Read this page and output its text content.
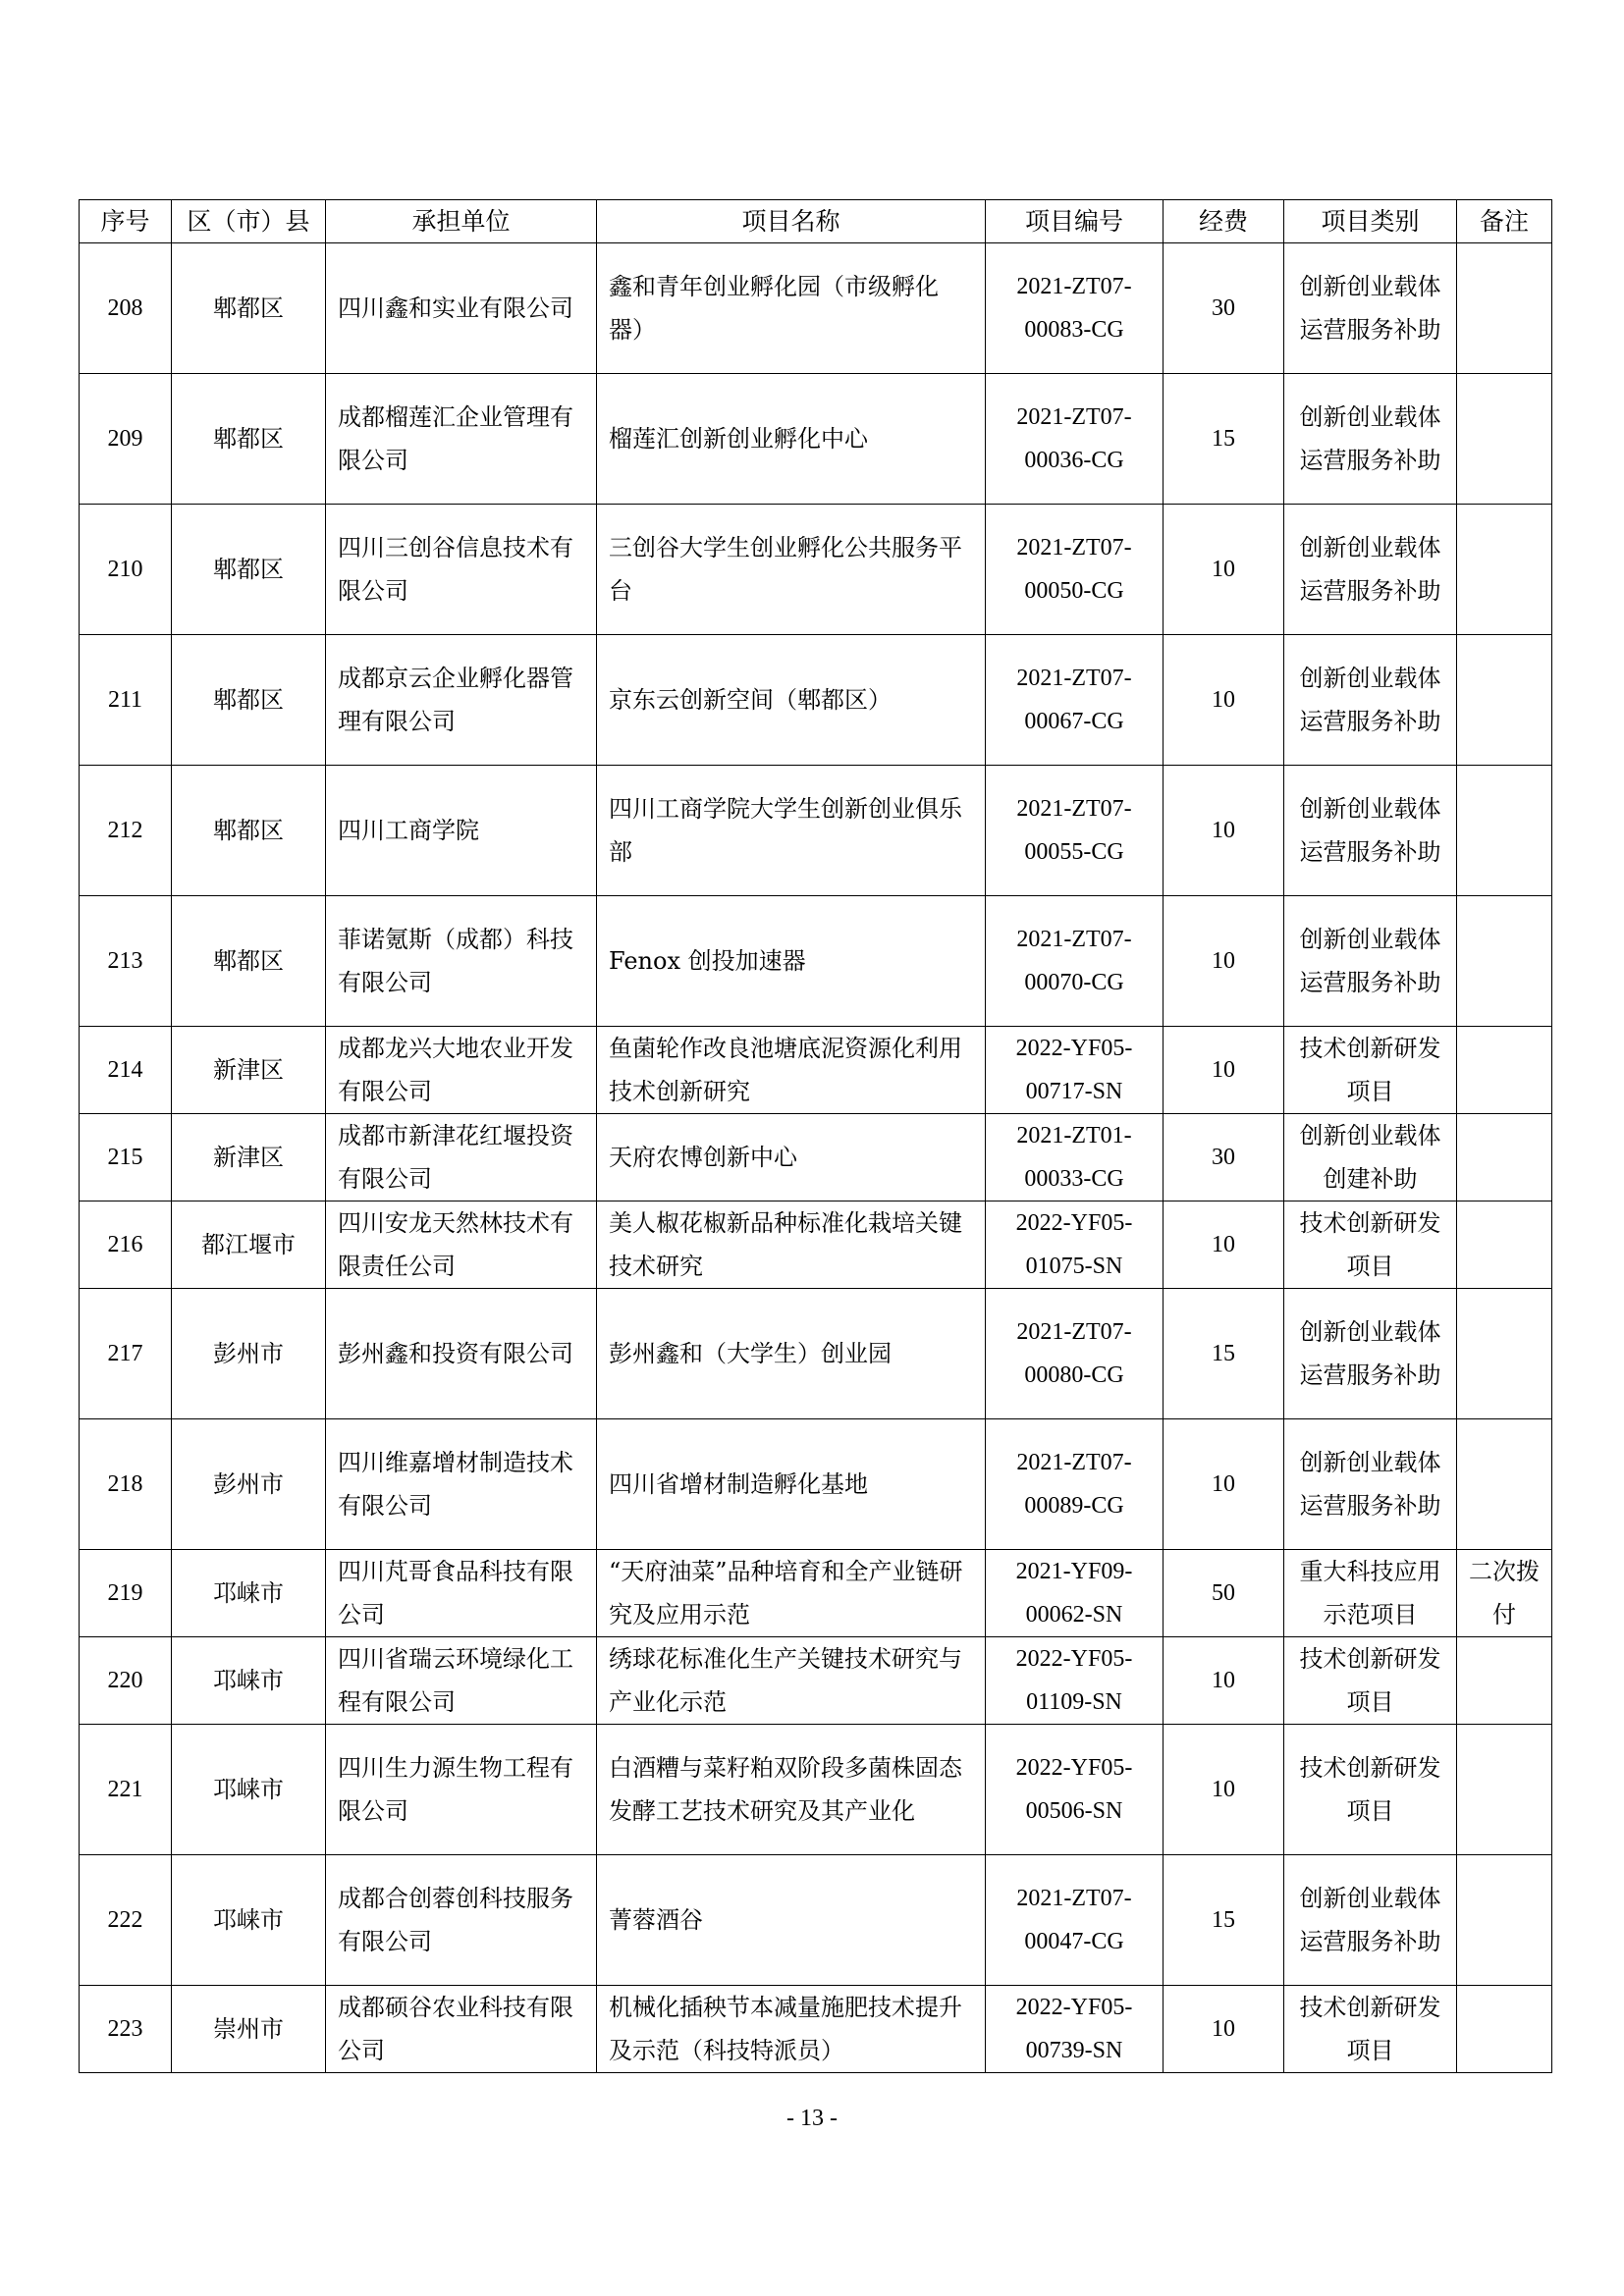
序号	区（市）县	承担单位	项目名称	项目编号	经费	项目类别	备注
208	郫都区	四川鑫和实业有限公司	鑫和青年创业孵化园（市级孵化器）	2021-ZT07-00083-CG	30	创新创业载体运营服务补助	
209	郫都区	成都榴莲汇企业管理有限公司	榴莲汇创新创业孵化中心	2021-ZT07-00036-CG	15	创新创业载体运营服务补助	
210	郫都区	四川三创谷信息技术有限公司	三创谷大学生创业孵化公共服务平台	2021-ZT07-00050-CG	10	创新创业载体运营服务补助	
211	郫都区	成都京云企业孵化器管理有限公司	京东云创新空间（郫都区）	2021-ZT07-00067-CG	10	创新创业载体运营服务补助	
212	郫都区	四川工商学院	四川工商学院大学生创新创业俱乐部	2021-ZT07-00055-CG	10	创新创业载体运营服务补助	
213	郫都区	菲诺氪斯（成都）科技有限公司	Fenox 创投加速器	2021-ZT07-00070-CG	10	创新创业载体运营服务补助	
214	新津区	成都龙兴大地农业开发有限公司	鱼菌轮作改良池塘底泥资源化利用技术创新研究	2022-YF05-00717-SN	10	技术创新研发项目	
215	新津区	成都市新津花红堰投资有限公司	天府农博创新中心	2021-ZT01-00033-CG	30	创新创业载体创建补助	
216	都江堰市	四川安龙天然林技术有限责任公司	美人椒花椒新品种标准化栽培关键技术研究	2022-YF05-01075-SN	10	技术创新研发项目	
217	彭州市	彭州鑫和投资有限公司	彭州鑫和（大学生）创业园	2021-ZT07-00080-CG	15	创新创业载体运营服务补助	
218	彭州市	四川维嘉增材制造技术有限公司	四川省增材制造孵化基地	2021-ZT07-00089-CG	10	创新创业载体运营服务补助	
219	邛崃市	四川芃哥食品科技有限公司	“天府油菜”品种培育和全产业链研究及应用示范	2021-YF09-00062-SN	50	重大科技应用示范项目	二次拨付
220	邛崃市	四川省瑞云环境绿化工程有限公司	绣球花标准化生产关键技术研究与产业化示范	2022-YF05-01109-SN	10	技术创新研发项目	
221	邛崃市	四川生力源生物工程有限公司	白酒糟与菜籽粕双阶段多菌株固态发酵工艺技术研究及其产业化	2022-YF05-00506-SN	10	技术创新研发项目	
222	邛崃市	成都合创蓉创科技服务有限公司	菁蓉酒谷	2021-ZT07-00047-CG	15	创新创业载体运营服务补助	
223	崇州市	成都硕谷农业科技有限公司	机械化插秧节本减量施肥技术提升及示范（科技特派员）	2022-YF05-00739-SN	10	技术创新研发项目	
- 13 -
